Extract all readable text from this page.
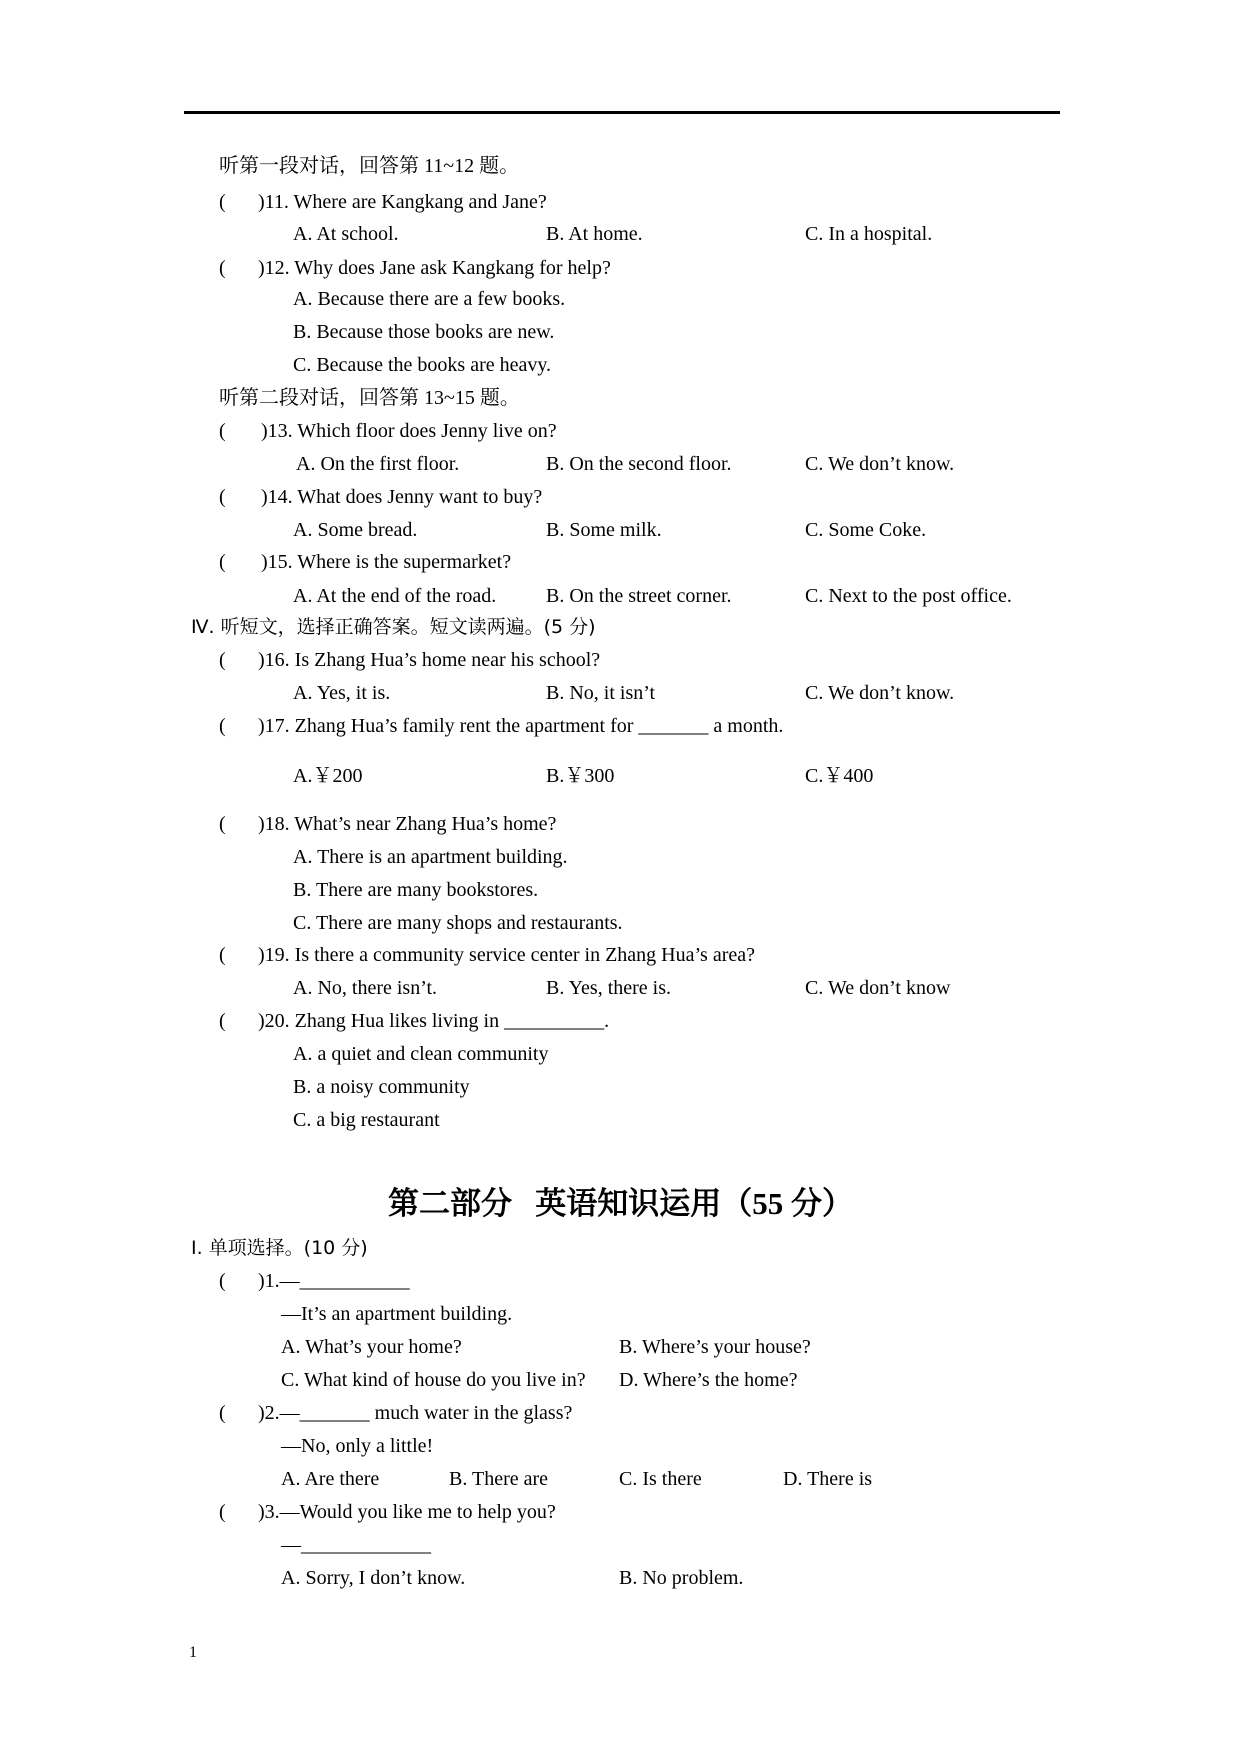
听第一段对话，回答第 11~12 题。
( )11. Where are Kangkang and Jane?
A. At school.	B. At home.	C. In a hospital.
( )12. Why does Jane ask Kangkang for help?
A. Because there are a few books.
B. Because those books are new.
C. Because the books are heavy.
听第二段对话，回答第 13~15 题。
( )13. Which floor does Jenny live on?
A. On the first floor.	B. On the second floor.	C. We don’t know.
( )14. What does Jenny want to buy?
A. Some bread.	B. Some milk.	C. Some Coke.
( )15. Where is the supermarket?
A. At the end of the road. B. On the street corner.	C. Next to the post office.
Ⅳ. 听短文，选择正确答案。短文读两遍。(5 分)
( )16. Is Zhang Hua’s home near his school?
A. Yes, it is.	B. No, it isn’t	C. We don’t know.
( )17. Zhang Hua’s family rent the apartment for _______ a month.
A.￥200	B.￥300	C.￥400
( )18. What’s near Zhang Hua’s home?
A. There is an apartment building.
B. There are many bookstores.
C. There are many shops and restaurants.
( )19. Is there a community service center in Zhang Hua’s area?
A. No, there isn’t.	B. Yes, there is.	C. We don’t know
( )20. Zhang Hua likes living in __________.
A. a quiet and clean community
B. a noisy community
C. a big restaurant
第二部分   英语知识运用（55 分）
Ⅰ. 单项选择。(10 分)
( )1.—___________
—It’s an apartment building.
A. What’s your home?	B. Where’s your house?
C. What kind of house do you live in? D. Where’s the home?
( )2.—_______ much water in the glass?
—No, only a little!
A. Are there	B. There are	C. Is there	D. There is
( )3.—Would you like me to help you?
—_____________
A. Sorry, I don’t know.	B. No problem.
1
